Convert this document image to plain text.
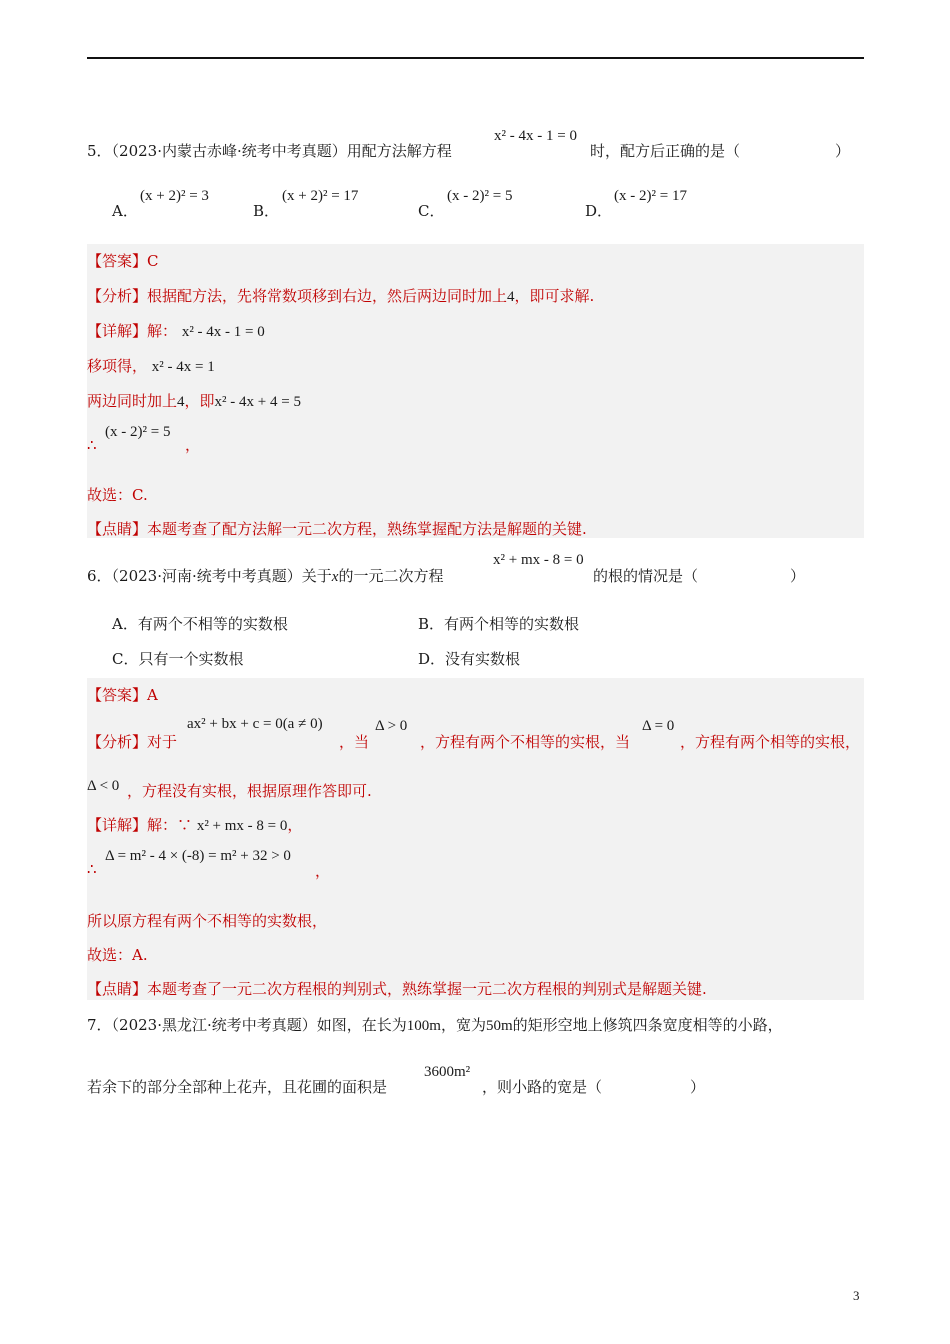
5．（2023·内蒙古赤峰·统考中考真题）用配方法解方程
x² - 4x - 1 = 0
时，配方后正确的是（	）
A．
(x + 2)² = 3
B．
(x + 2)² = 17
C．
(x - 2)² = 5
D．
(x - 2)² = 17
【答案】C
【分析】根据配方法，先将常数项移到右边，然后两边同时加上4，即可求解.
【详解】解： x² - 4x - 1 = 0
移项得， x² - 4x = 1
两边同时加上4，即x² - 4x + 4 = 5
(x - 2)² = 5
∴	，
故选：C.
【点睛】本题考查了配方法解一元二次方程，熟练掌握配方法是解题的关键.
6．（2023·河南·统考中考真题）关于x的一元二次方程
x² + mx - 8 = 0
的根的情况是（	）
A．有两个不相等的实数根	B．有两个相等的实数根
C．只有一个实数根	D．没有实数根
【答案】A
ax² + bx + c = 0(a ≠ 0)
【分析】对于	，当
Δ > 0
，方程有两个不相等的实根，当
Δ = 0
，方程有两个相等的实根，
Δ < 0 ，方程没有实根，根据原理作答即可.
【详解】解：∵ x² + mx - 8 = 0，
Δ = m² - 4 × (-8) = m² + 32 > 0
∴	，
所以原方程有两个不相等的实数根，
故选：A.
【点睛】本题考查了一元二次方程根的判别式，熟练掌握一元二次方程根的判别式是解题关键.
7．（2023·黑龙江·统考中考真题）如图，在长为100m，宽为50m的矩形空地上修筑四条宽度相等的小路，
若余下的部分全部种上花卉，且花圃的面积是
3600m²
，则小路的宽是（	）
3
